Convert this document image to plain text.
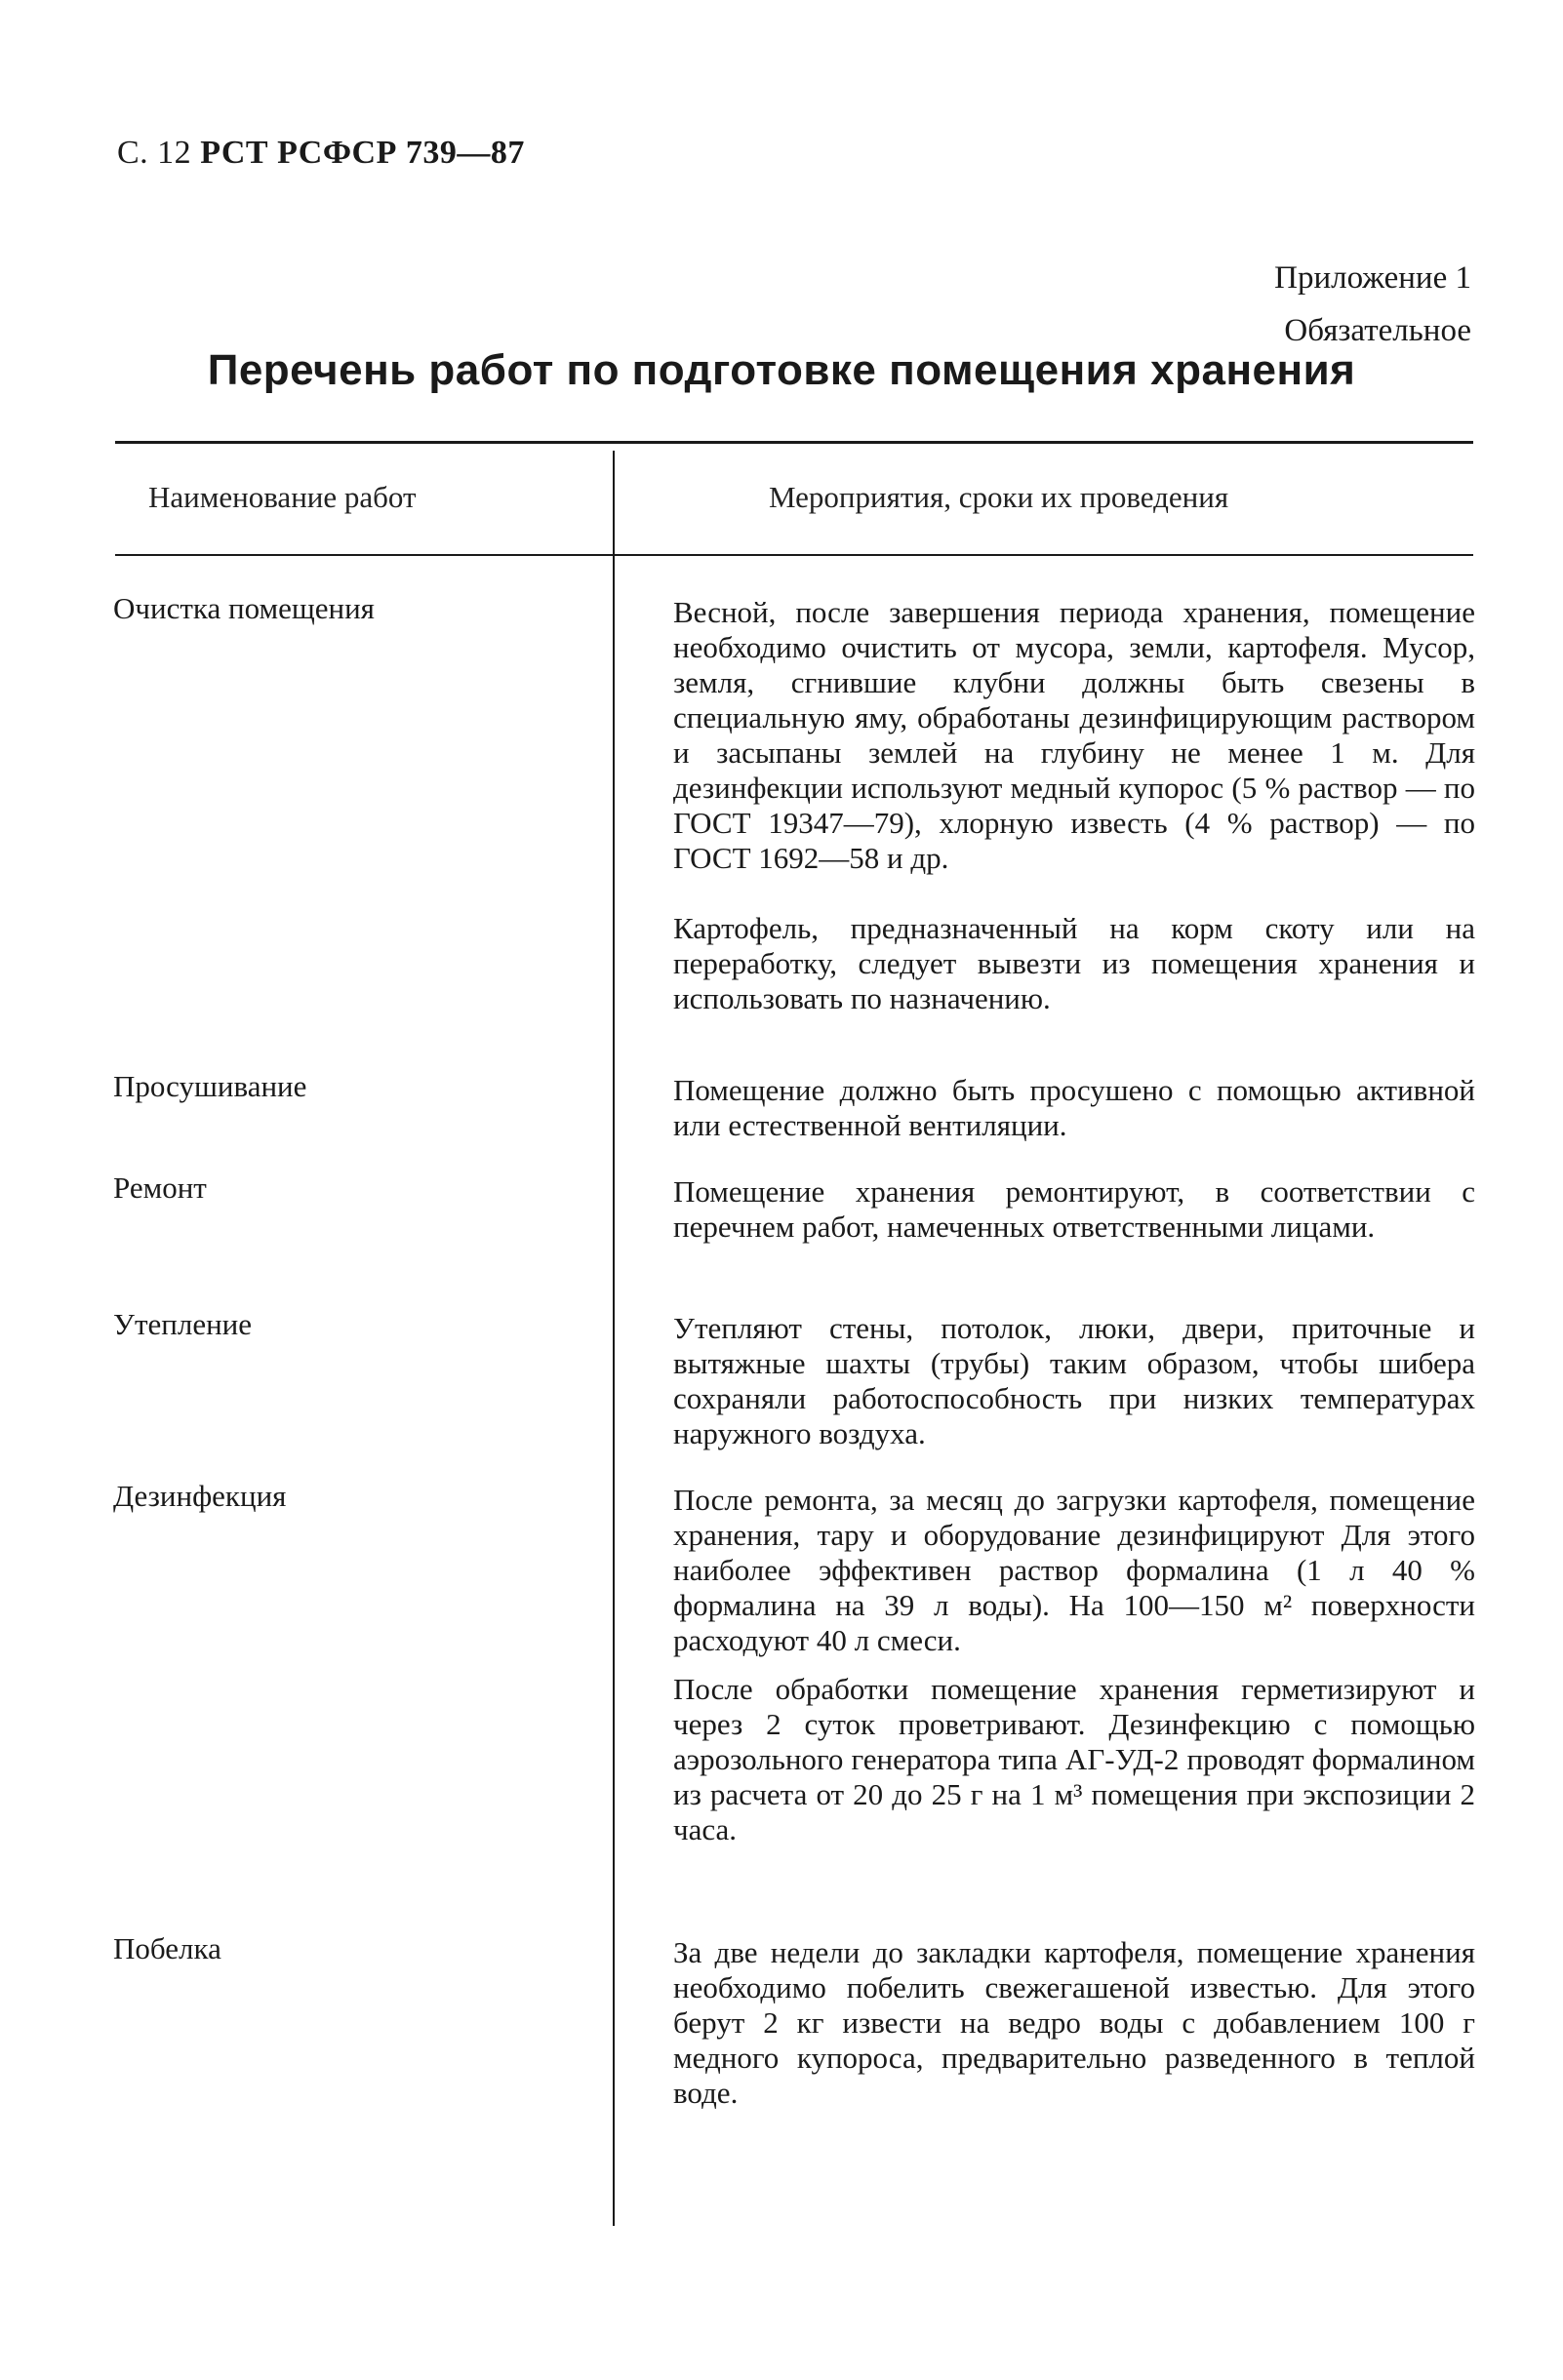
С. 12 РСТ РСФСР 739—87
Приложение 1
Обязательное
Перечень работ по подготовке помещения хранения
Наименование работ	Мероприятия, сроки их проведения
Очистка помещения	Весной, после завершения периода хранения, помещение необходимо очистить от мусора, земли, картофеля. Мусор, земля, сгнившие клубни должны быть свезены в специальную яму, обработаны дезинфицирующим раствором и засыпаны землей на глубину не менее 1 м. Для дезинфекции используют медный купорос (5 % раствор — по ГОСТ 19347—79), хлорную известь (4 % раствор) — по ГОСТ 1692—58 и др.

Картофель, предназначенный на корм скоту или на переработку, следует вывезти из помещения хранения и использовать по назначению.

Просушивание	Помещение должно быть просушено с помощью активной или естественной вентиляции.

Ремонт	Помещение хранения ремонтируют, в соответствии с перечнем работ, намеченных ответственными лицами.

Утепление	Утепляют стены, потолок, люки, двери, приточные и вытяжные шахты (трубы) таким образом, чтобы шибера сохраняли работоспособность при низких температурах наружного воздуха.

Дезинфекция	После ремонта, за месяц до загрузки картофеля, помещение хранения, тару и оборудование дезинфицируют Для этого наиболее эффективен раствор формалина (1 л 40 % формалина на 39 л воды). На 100—150 м² поверхности расходуют 40 л смеси.

После обработки помещение хранения герметизируют и через 2 суток проветривают. Дезинфекцию с помощью аэрозольного генератора типа АГ-УД-2 проводят формалином из расчета от 20 до 25 г на 1 м³ помещения при экспозиции 2 часа.

Побелка	За две недели до закладки картофеля, помещение хранения необходимо побелить свежегашеной известью. Для этого берут 2 кг извести на ведро воды с добавлением 100 г медного купороса, предварительно разведенного в теплой воде.
